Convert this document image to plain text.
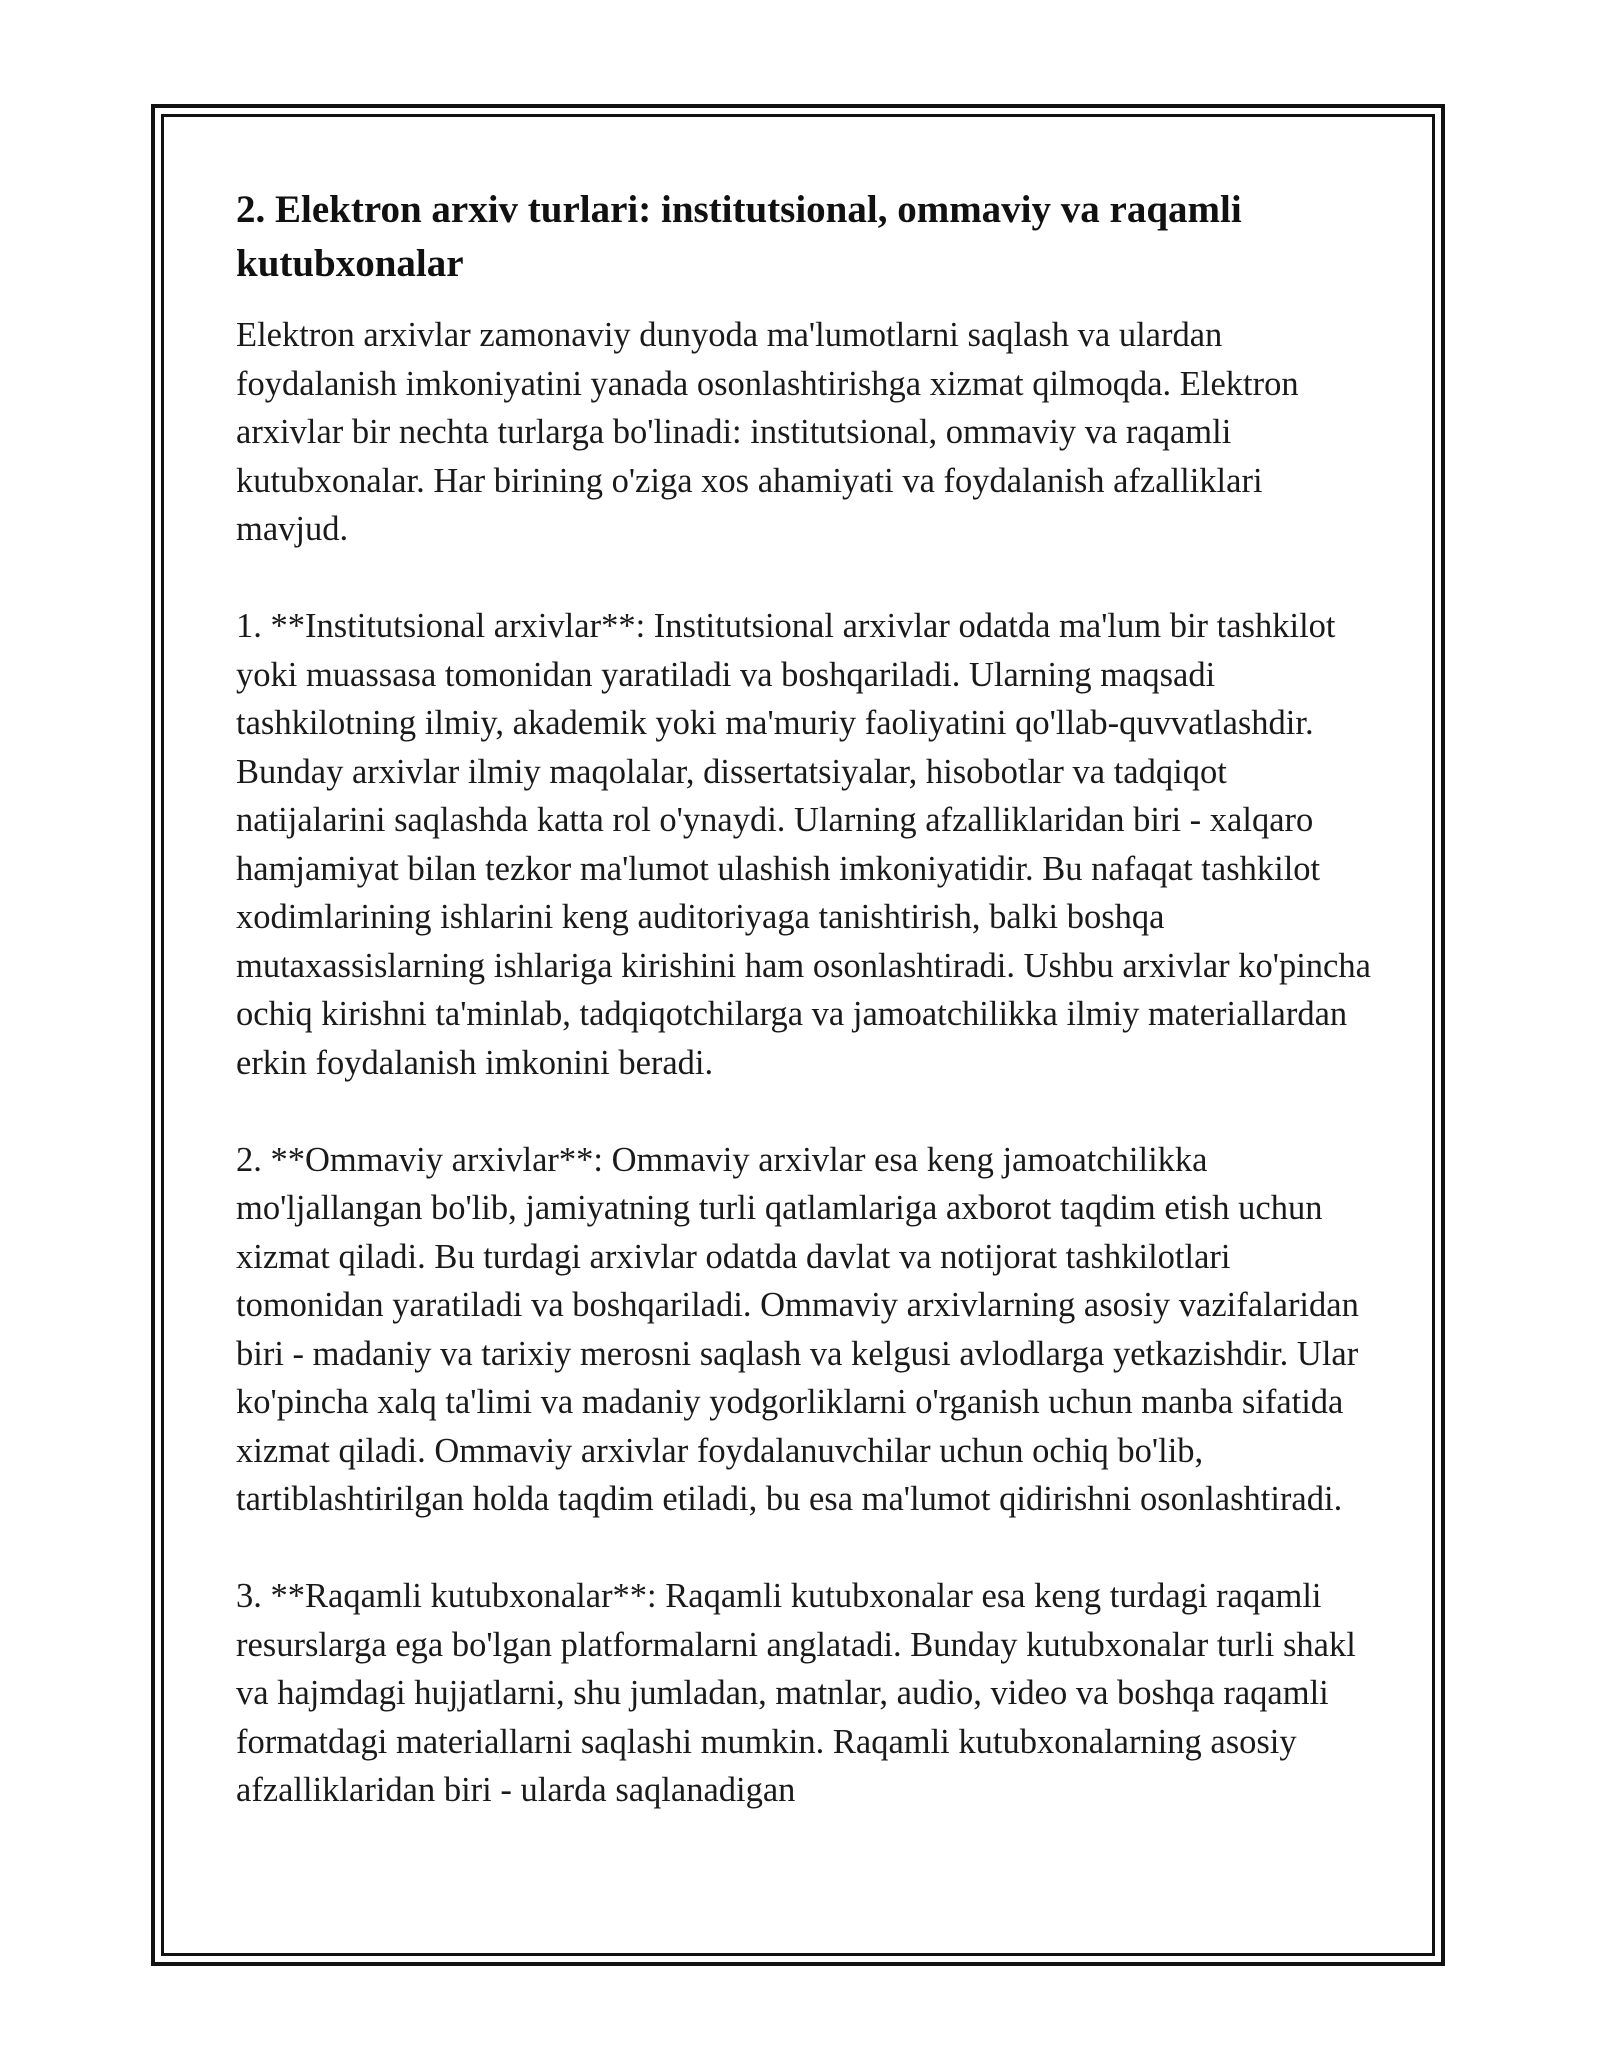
2. Elektron arxiv turlari: institutsional, ommaviy va raqamli kutubxonalar

Elektron arxivlar zamonaviy dunyoda ma'lumotlarni saqlash va ulardan foydalanish imkoniyatini yanada osonlashtirishga xizmat qilmoqda. Elektron arxivlar bir nechta turlarga bo'linadi: institutsional, ommaviy va raqamli kutubxonalar. Har birining o'ziga xos ahamiyati va foydalanish afzalliklari mavjud.

1. **Institutsional arxivlar**: Institutsional arxivlar odatda ma'lum bir tashkilot yoki muassasa tomonidan yaratiladi va boshqariladi. Ularning maqsadi tashkilotning ilmiy, akademik yoki ma'muriy faoliyatini qo'llab-quvvatlashdir. Bunday arxivlar ilmiy maqolalar, dissertatsiyalar, hisobotlar va tadqiqot natijalarini saqlashda katta rol o'ynaydi. Ularning afzalliklaridan biri - xalqaro hamjamiyat bilan tezkor ma'lumot ulashish imkoniyatidir. Bu nafaqat tashkilot xodimlarining ishlarini keng auditoriyaga tanishtirish, balki boshqa mutaxassislarning ishlariga kirishini ham osonlashtiradi. Ushbu arxivlar ko'pincha ochiq kirishni ta'minlab, tadqiqotchilarga va jamoatchilikka ilmiy materiallardan erkin foydalanish imkonini beradi.

2. **Ommaviy arxivlar**: Ommaviy arxivlar esa keng jamoatchilikka mo'ljallangan bo'lib, jamiyatning turli qatlamlariga axborot taqdim etish uchun xizmat qiladi. Bu turdagi arxivlar odatda davlat va notijorat tashkilotlari tomonidan yaratiladi va boshqariladi. Ommaviy arxivlarning asosiy vazifalaridan biri - madaniy va tarixiy merosni saqlash va kelgusi avlodlarga yetkazishdir. Ular ko'pincha xalq ta'limi va madaniy yodgorliklarni o'rganish uchun manba sifatida xizmat qiladi. Ommaviy arxivlar foydalanuvchilar uchun ochiq bo'lib, tartiblashtirilgan holda taqdim etiladi, bu esa ma'lumot qidirishni osonlashtiradi.

3. **Raqamli kutubxonalar**: Raqamli kutubxonalar esa keng turdagi raqamli resurslarga ega bo'lgan platformalarni anglatadi. Bunday kutubxonalar turli shakl va hajmdagi hujjatlarni, shu jumladan, matnlar, audio, video va boshqa raqamli formatdagi materiallarni saqlashi mumkin. Raqamli kutubxonalarning asosiy afzalliklaridan biri - ularda saqlanadigan
